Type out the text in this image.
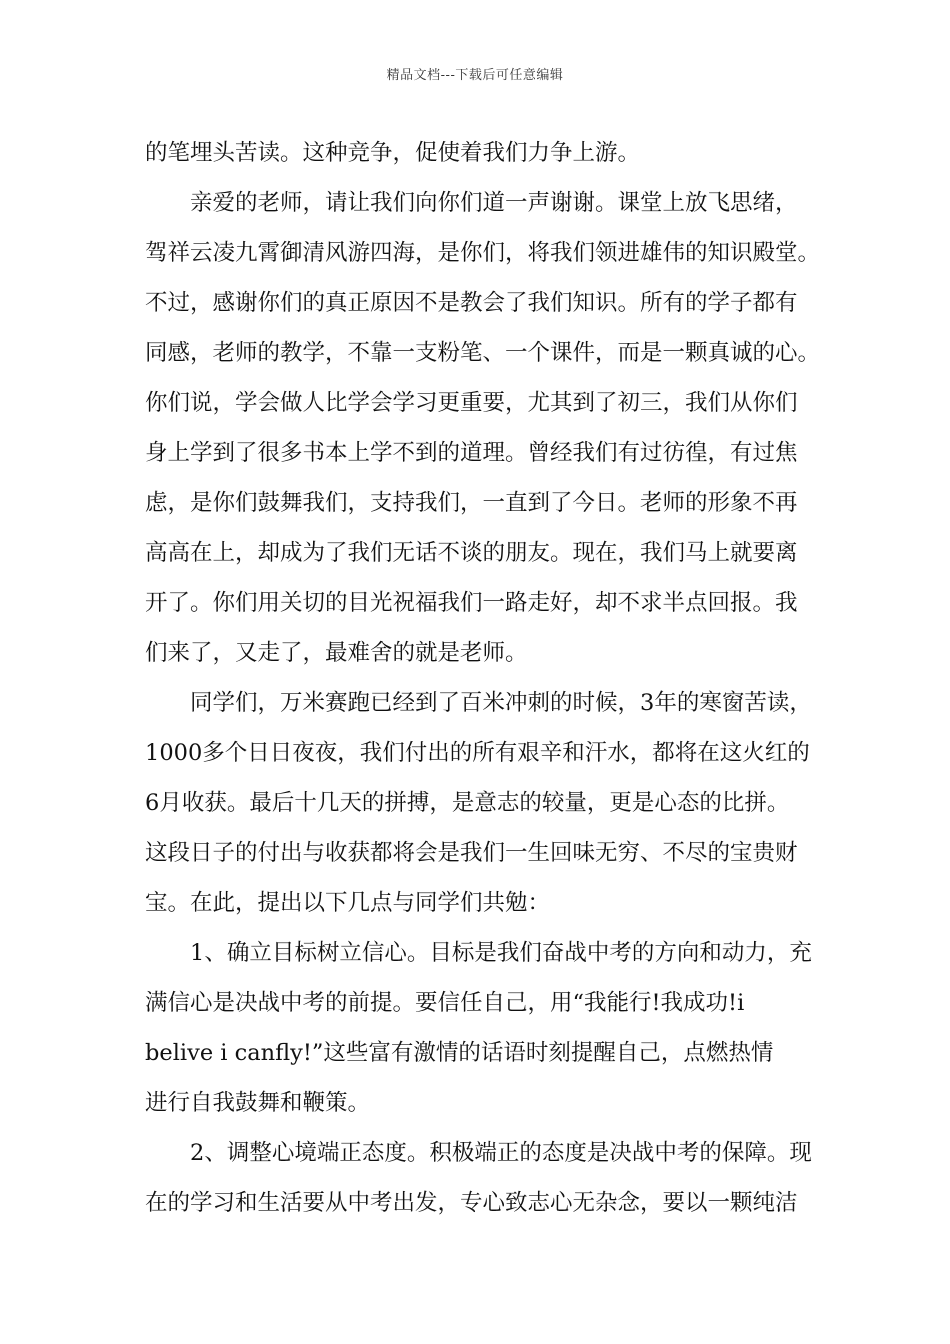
精品文档---下载后可任意编辑
的笔埋头苦读。这种竞争，促使着我们力争上游。
亲爱的老师，请让我们向你们道一声谢谢。课堂上放飞思绪，
驾祥云凌九霄御清风游四海，是你们，将我们领进雄伟的知识殿堂。
不过，感谢你们的真正原因不是教会了我们知识。所有的学子都有
同感，老师的教学，不靠一支粉笔、一个课件，而是一颗真诚的心。
你们说，学会做人比学会学习更重要，尤其到了初三，我们从你们
身上学到了很多书本上学不到的道理。曾经我们有过彷徨，有过焦
虑，是你们鼓舞我们，支持我们，一直到了今日。老师的形象不再
高高在上，却成为了我们无话不谈的朋友。现在，我们马上就要离
开了。你们用关切的目光祝福我们一路走好，却不求半点回报。我
们来了，又走了，最难舍的就是老师。
同学们，万米赛跑已经到了百米冲刺的时候，3年的寒窗苦读，
1000多个日日夜夜，我们付出的所有艰辛和汗水，都将在这火红的
6月收获。最后十几天的拼搏，是意志的较量，更是心态的比拼。
这段日子的付出与收获都将会是我们一生回味无穷、不尽的宝贵财
宝。在此，提出以下几点与同学们共勉：
1、确立目标树立信心。目标是我们奋战中考的方向和动力，充
满信心是决战中考的前提。要信任自己，用“我能行!我成功!i
belive i canfly!”这些富有激情的话语时刻提醒自己，点燃热情
进行自我鼓舞和鞭策。
2、调整心境端正态度。积极端正的态度是决战中考的保障。现
在的学习和生活要从中考出发，专心致志心无杂念，要以一颗纯洁
